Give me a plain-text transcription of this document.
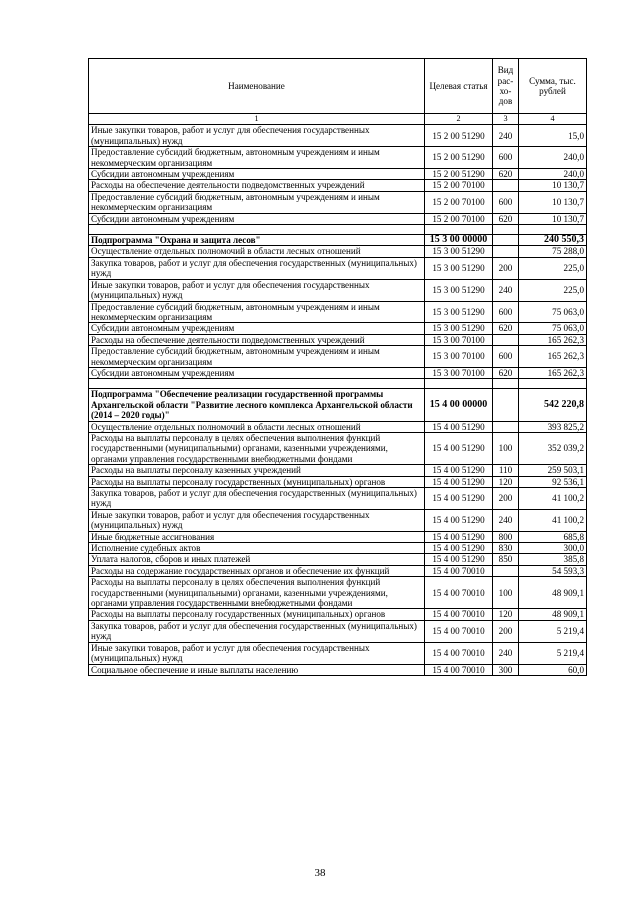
Наименование	Целевая статья	Вид рас-хо-дов	Сумма, тыс. рублей
1	2	3	4
Иные закупки товаров, работ и услуг для обеспечения государственных (муниципальных) нужд	15 2 00 51290	240	15,0
Предоставление субсидий бюджетным, автономным учреждениям и иным некоммерческим организациям	15 2 00 51290	600	240,0
Субсидии автономным учреждениям	15 2 00 51290	620	240,0
Расходы на обеспечение деятельности подведомственных учреждений	15 2 00 70100		10 130,7
Предоставление субсидий бюджетным, автономным учреждениям и иным некоммерческим организациям	15 2 00 70100	600	10 130,7
Субсидии автономным учреждениям	15 2 00 70100	620	10 130,7

Подпрограмма "Охрана и защита лесов"	15 3 00 00000		240 550,3
Осуществление отдельных полномочий в области лесных отношений	15 3 00 51290		75 288,0
Закупка товаров, работ и услуг для обеспечения государственных (муниципальных) нужд	15 3 00 51290	200	225,0
Иные закупки товаров, работ и услуг для обеспечения государственных (муниципальных) нужд	15 3 00 51290	240	225,0
Предоставление субсидий бюджетным, автономным учреждениям и иным некоммерческим организациям	15 3 00 51290	600	75 063,0
Субсидии автономным учреждениям	15 3 00 51290	620	75 063,0
Расходы на обеспечение деятельности подведомственных учреждений	15 3 00 70100		165 262,3
Предоставление субсидий бюджетным, автономным учреждениям и иным некоммерческим организациям	15 3 00 70100	600	165 262,3
Субсидии автономным учреждениям	15 3 00 70100	620	165 262,3

Подпрограмма "Обеспечение реализации государственной программы Архангельской области "Развитие лесного комплекса Архангельской области (2014 – 2020 годы)"	15 4 00 00000		542 220,8
Осуществление отдельных полномочий в области лесных отношений	15 4 00 51290		393 825,2
Расходы на выплаты персоналу в целях обеспечения выполнения функций государственными (муниципальными) органами, казенными учреждениями, органами управления государственными внебюджетными фондами	15 4 00 51290	100	352 039,2
Расходы на выплаты персоналу казенных учреждений	15 4 00 51290	110	259 503,1
Расходы на выплаты персоналу государственных (муниципальных) органов	15 4 00 51290	120	92 536,1
Закупка товаров, работ и услуг для обеспечения государственных (муниципальных) нужд	15 4 00 51290	200	41 100,2
Иные закупки товаров, работ и услуг для обеспечения государственных (муниципальных) нужд	15 4 00 51290	240	41 100,2
Иные бюджетные ассигнования	15 4 00 51290	800	685,8
Исполнение судебных актов	15 4 00 51290	830	300,0
Уплата налогов, сборов и иных платежей	15 4 00 51290	850	385,8
Расходы на содержание государственных органов и обеспечение их функций	15 4 00 70010		54 593,3
Расходы на выплаты персоналу в целях обеспечения выполнения функций государственными (муниципальными) органами, казенными учреждениями, органами управления государственными внебюджетными фондами	15 4 00 70010	100	48 909,1
Расходы на выплаты персоналу государственных (муниципальных) органов	15 4 00 70010	120	48 909,1
Закупка товаров, работ и услуг для обеспечения государственных (муниципальных) нужд	15 4 00 70010	200	5 219,4
Иные закупки товаров, работ и услуг для обеспечения государственных (муниципальных) нужд	15 4 00 70010	240	5 219,4
Социальное обеспечение и иные выплаты населению	15 4 00 70010	300	60,0
38
